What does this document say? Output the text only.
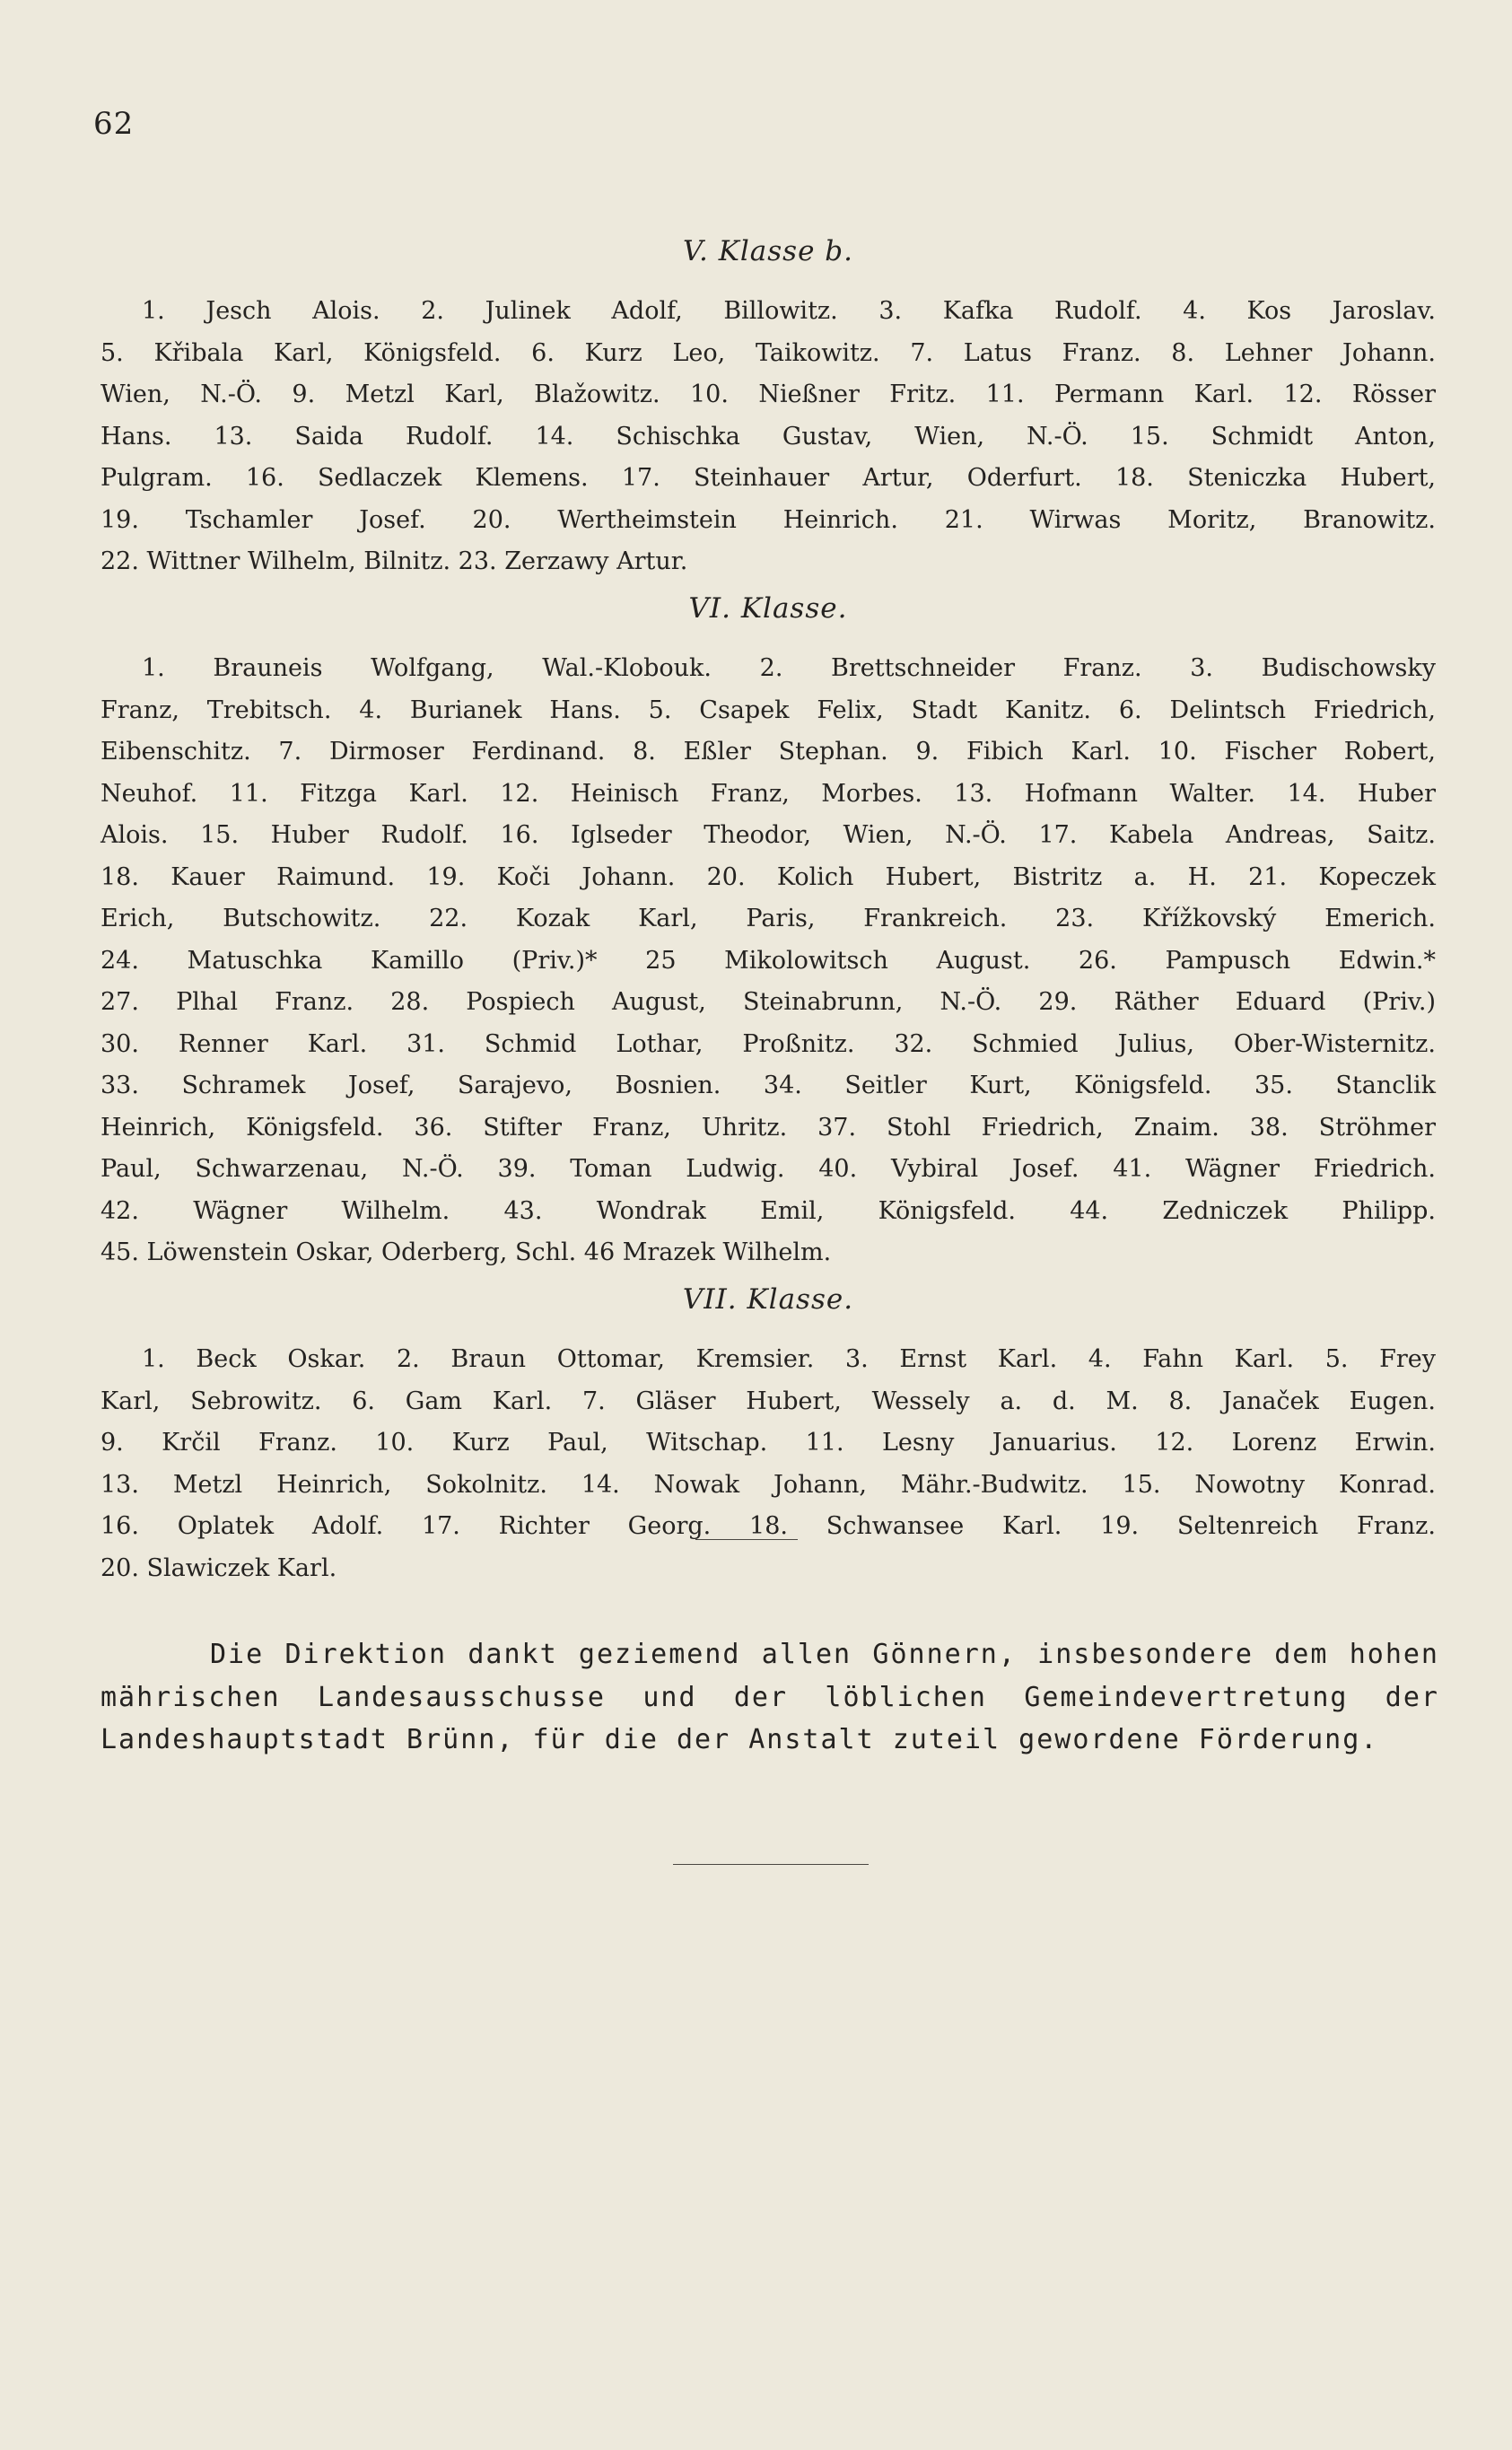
62
V. Klasse b.

1. Jesch Alois. 2. Julinek Adolf, Billowitz. 3. Kafka Rudolf. 4. Kos Jaroslav.

5. Křibala Karl, Königsfeld. 6. Kurz Leo, Taikowitz. 7. Latus Franz. 8. Lehner Johann.

Wien, N.-Ö. 9. Metzl Karl, Blažowitz. 10. Nießner Fritz. 11. Permann Karl. 12. Rösser

Hans. 13. Saida Rudolf. 14. Schischka Gustav, Wien, N.-Ö. 15. Schmidt Anton,

Pulgram. 16. Sedlaczek Klemens. 17. Steinhauer Artur, Oderfurt. 18. Steniczka Hubert,

19. Tschamler Josef. 20. Wertheimstein Heinrich. 21. Wirwas Moritz, Branowitz.

22. Wittner Wilhelm, Bilnitz. 23. Zerzawy Artur.

VI. Klasse.

1. Brauneis Wolfgang, Wal.-Klobouk. 2. Brettschneider Franz. 3. Budischowsky

Franz, Trebitsch. 4. Burianek Hans. 5. Csapek Felix, Stadt Kanitz. 6. Delintsch Friedrich,

Eibenschitz. 7. Dirmoser Ferdinand. 8. Eßler Stephan. 9. Fibich Karl. 10. Fischer Robert,

Neuhof. 11. Fitzga Karl. 12. Heinisch Franz, Morbes. 13. Hofmann Walter. 14. Huber

Alois. 15. Huber Rudolf. 16. Iglseder Theodor, Wien, N.-Ö. 17. Kabela Andreas, Saitz.

18. Kauer Raimund. 19. Koči Johann. 20. Kolich Hubert, Bistritz a. H. 21. Kopeczek

Erich, Butschowitz. 22. Kozak Karl, Paris, Frankreich. 23. Křížkovský Emerich.

24. Matuschka Kamillo (Priv.)* 25 Mikolowitsch August. 26. Pampusch Edwin.*

27. Plhal Franz. 28. Pospiech August, Steinabrunn, N.-Ö. 29. Räther Eduard (Priv.)

30. Renner Karl. 31. Schmid Lothar, Proßnitz. 32. Schmied Julius, Ober-Wisternitz.

33. Schramek Josef, Sarajevo, Bosnien. 34. Seitler Kurt, Königsfeld. 35. Stanclik

Heinrich, Königsfeld. 36. Stifter Franz, Uhritz. 37. Stohl Friedrich, Znaim. 38. Ströhmer

Paul, Schwarzenau, N.-Ö. 39. Toman Ludwig. 40. Vybiral Josef. 41. Wägner Friedrich.

42. Wägner Wilhelm. 43. Wondrak Emil, Königsfeld. 44. Zedniczek Philipp.

45. Löwenstein Oskar, Oderberg, Schl. 46 Mrazek Wilhelm.

VII. Klasse.

1. Beck Oskar. 2. Braun Ottomar, Kremsier. 3. Ernst Karl. 4. Fahn Karl. 5. Frey

Karl, Sebrowitz. 6. Gam Karl. 7. Gläser Hubert, Wessely a. d. M. 8. Janaček Eugen.

9. Krčil Franz. 10. Kurz Paul, Witschap. 11. Lesny Januarius. 12. Lorenz Erwin.

13. Metzl Heinrich, Sokolnitz. 14. Nowak Johann, Mähr.-Budwitz. 15. Nowotny Konrad.

16. Oplatek Adolf. 17. Richter Georg. 18. Schwansee Karl. 19. Seltenreich Franz.

20. Slawiczek Karl.

Die Direktion dankt geziemend allen Gönnern, insbesondere dem hohen mährischen Landesausschusse und der löblichen Gemeindevertretung der Landeshauptstadt Brünn, für die der Anstalt zuteil gewordene Förderung.
